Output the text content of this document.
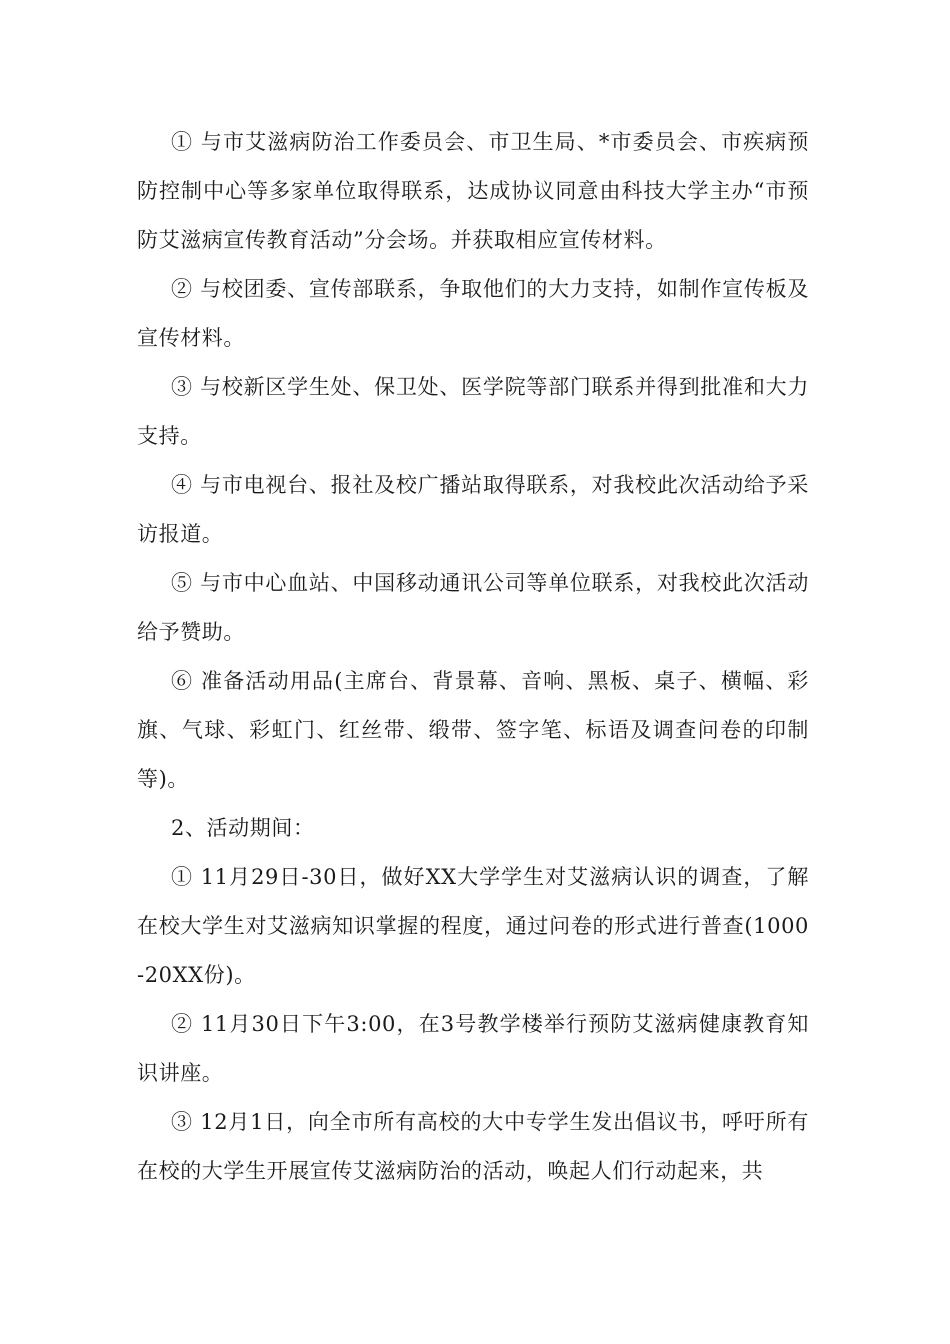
① 与市艾滋病防治工作委员会、市卫生局、*市委员会、市疾病预防控制中心等多家单位取得联系，达成协议同意由科技大学主办“市预防艾滋病宣传教育活动”分会场。并获取相应宣传材料。

② 与校团委、宣传部联系，争取他们的大力支持，如制作宣传板及宣传材料。

③ 与校新区学生处、保卫处、医学院等部门联系并得到批准和大力支持。

④ 与市电视台、报社及校广播站取得联系，对我校此次活动给予采访报道。

⑤ 与市中心血站、中国移动通讯公司等单位联系，对我校此次活动给予赞助。

⑥ 准备活动用品(主席台、背景幕、音响、黑板、桌子、横幅、彩旗、气球、彩虹门、红丝带、缎带、签字笔、标语及调查问卷的印制等)。

2、活动期间：

① 11月29日-30日，做好XX大学学生对艾滋病认识的调查，了解在校大学生对艾滋病知识掌握的程度，通过问卷的形式进行普查(1000-20XX份)。

② 11月30日下午3:00，在3号教学楼举行预防艾滋病健康教育知识讲座。

③ 12月1日，向全市所有高校的大中专学生发出倡议书，呼吁所有在校的大学生开展宣传艾滋病防治的活动，唤起人们行动起来，共
